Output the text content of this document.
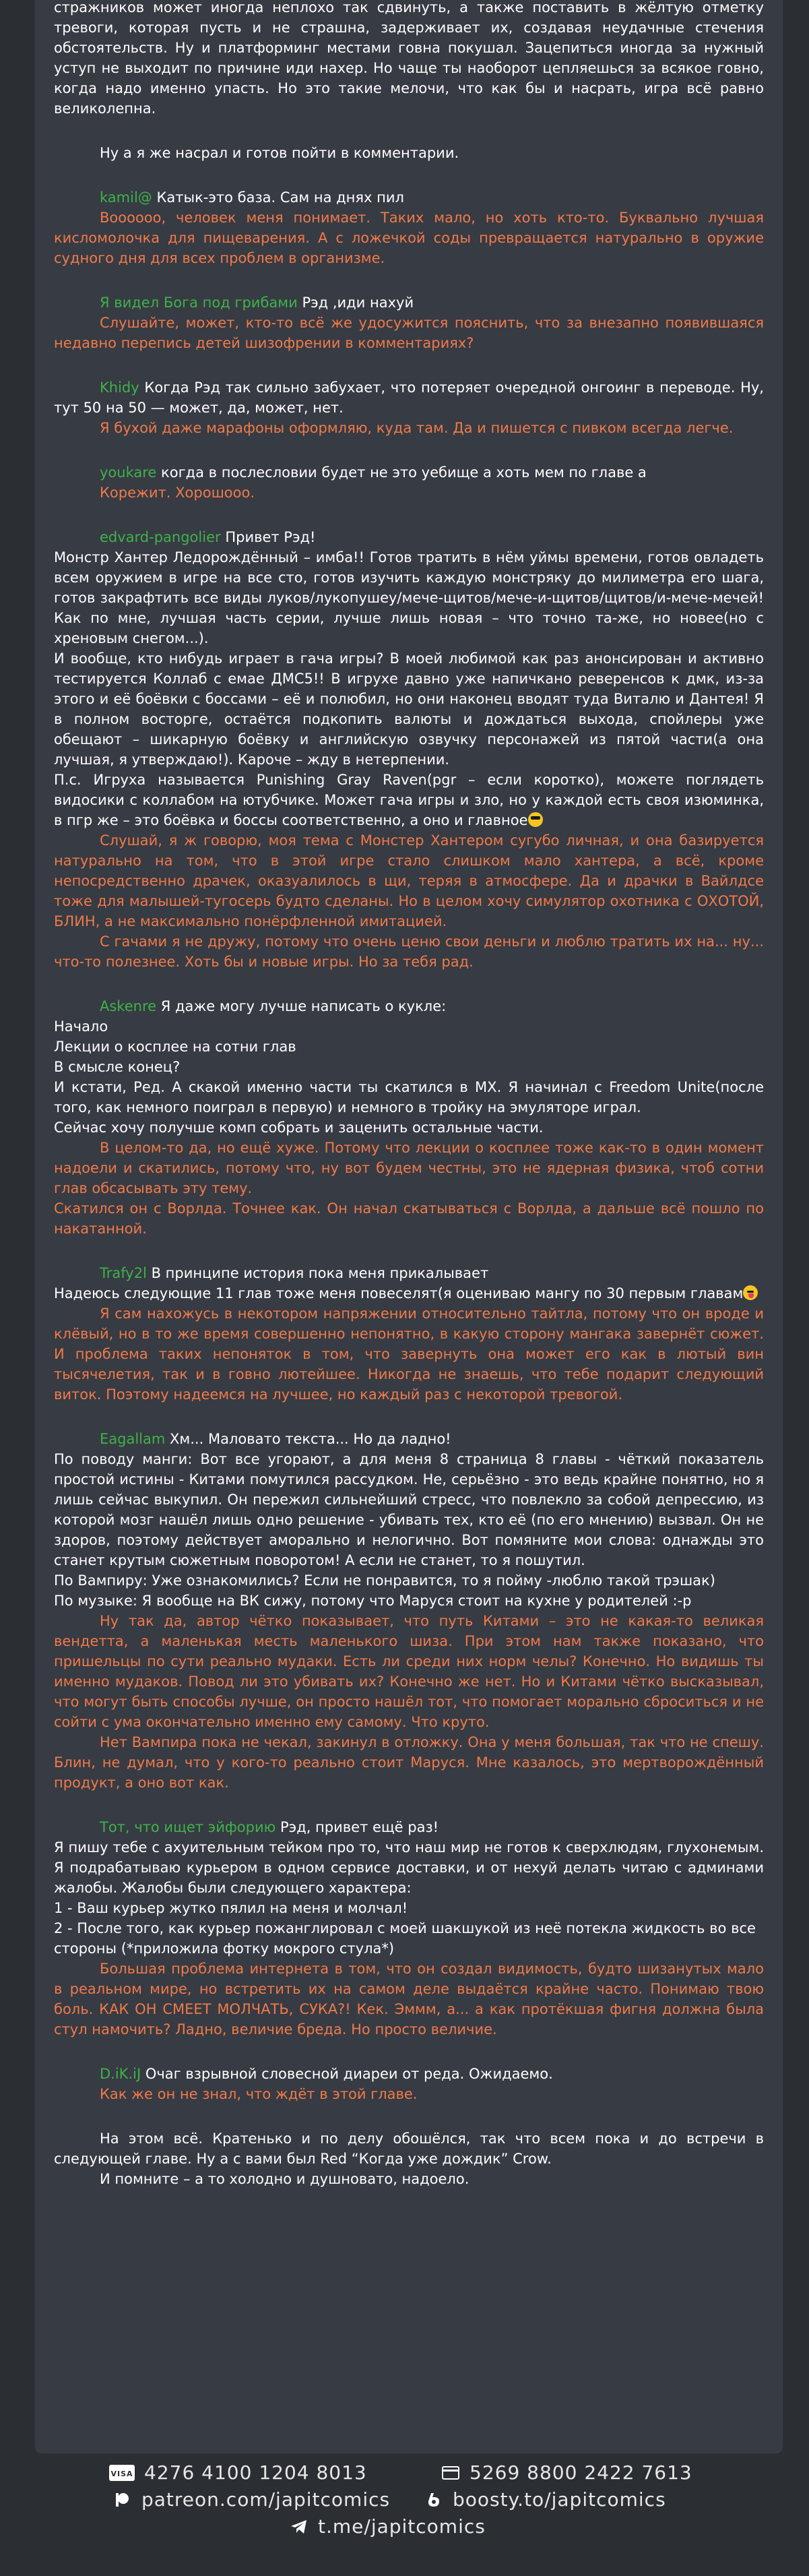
стражников может иногда неплохо так сдвинуть, а также поставить в жёлтую отметку тревоги, которая пусть и не страшна, задерживает их, создавая неудачные стечения обстоятельств. Ну и платформинг местами говна покушал. Зацепиться иногда за нужный уступ не выходит по причине иди нахер. Но чаще ты наоборот цепляешься за всякое говно, когда надо именно упасть. Но это такие мелочи, что как бы и насрать, игра всё равно великолепна.

Ну а я же насрал и готов пойти в комментарии.

kamil@ Катык-это база. Сам на днях пил

Воооооо, человек меня понимает. Таких мало, но хоть кто-то. Буквально лучшая кисломолочка для пищеварения. А с ложечкой соды превращается натурально в оружие судного дня для всех проблем в организме.

Я видел Бога под грибами Рэд ,иди нахуй

Слушайте, может, кто-то всё же удосужится пояснить, что за внезапно появившаяся недавно перепись детей шизофрении в комментариях?

Khidy Когда Рэд так сильно забухает, что потеряет очередной онгоинг в переводе. Ну, тут 50 на 50 — может, да, может, нет.

Я бухой даже марафоны оформляю, куда там. Да и пишется с пивком всегда легче.

youkare когда в послесловии будет не это уебище а хоть мем по главе а

Корежит. Хорошооо.

edvard-pangolier Привет Рэд!

Монстр Хантер Ледорождённый – имба!! Готов тратить в нём уймы времени, готов овладеть всем оружием в игре на все сто, готов изучить каждую монстряку до милиметра его шага, готов закрафтить все виды луков/лукопушеу/мече-щитов/мече-и-щитов/щитов/и-мече-мечей! Как по мне, лучшая часть серии, лучше лишь новая – что точно та-же, но новее(но с хреновым снегом...).

И вообще, кто нибудь играет в гача игры? В моей любимой как раз анонсирован и активно тестируется Коллаб с емае ДМС5!! В игрухе давно уже напичкано реверенсов к дмк, из-за этого и её боёвки с боссами – её и полюбил, но они наконец вводят туда Виталю и Дантея! Я в полном восторге, остаётся подкопить валюты и дождаться выхода, спойлеры уже обещают – шикарную боёвку и английскую озвучку персонажей из пятой части(а она лучшая, я утверждаю!). Кароче – жду в нетерпении.

П.с. Игруха называется Punishing Gray Raven(pgr – если коротко), можете поглядеть видосики с коллабом на ютубчике. Может гача игры и зло, но у каждой есть своя изюминка, в пгр же – это боёвка и боссы соответственно, а оно и главное

Слушай, я ж говорю, моя тема с Монстер Хантером сугубо личная, и она базируется натурально на том, что в этой игре стало слишком мало хантера, а всё, кроме непосредственно драчек, оказуалилось в щи, теряя в атмосфере. Да и драчки в Вайлдсе тоже для малышей-тугосерь будто сделаны. Но в целом хочу симулятор охотника с ОХОТОЙ, БЛИН, а не максимально понёрфленной имитацией.

С гачами я не дружу, потому что очень ценю свои деньги и люблю тратить их на... ну... что-то полезнее. Хоть бы и новые игры. Но за тебя рад.

Askenre Я даже могу лучше написать о кукле:

Начало

Лекции о косплее на сотни глав

В смысле конец?

И кстати, Ред. А скакой именно части ты скатился в МХ. Я начинал с Freedom Unite(после того, как немного поиграл в первую) и немного в тройку на эмуляторе играл.

Сейчас хочу получше комп собрать и заценить остальные части.

В целом-то да, но ещё хуже. Потому что лекции о косплее тоже как-то в один момент надоели и скатились, потому что, ну вот будем честны, это не ядерная физика, чтоб сотни глав обсасывать эту тему.

Скатился он с Ворлда. Точнее как. Он начал скатываться с Ворлда, а дальше всё пошло по накатанной.

Trafy2l В принципе история пока меня прикалывает

Надеюсь следующие 11 глав тоже меня повеселят(я оцениваю мангу по 30 первым главам

Я сам нахожусь в некотором напряжении относительно тайтла, потому что он вроде и клёвый, но в то же время совершенно непонятно, в какую сторону мангака завернёт сюжет. И проблема таких непоняток в том, что завернуть она может его как в лютый вин тысячелетия, так и в говно лютейшее. Никогда не знаешь, что тебе подарит следующий виток. Поэтому надеемся на лучшее, но каждый раз с некоторой тревогой.

Eagallam Хм... Маловато текста... Но да ладно!

По поводу манги: Вот все угорают, а для меня 8 страница 8 главы - чёткий показатель простой истины - Китами помутился рассудком. Не, серьёзно - это ведь крайне понятно, но я лишь сейчас выкупил. Он пережил сильнейший стресс, что повлекло за собой депрессию, из которой мозг нашёл лишь одно решение - убивать тех, кто её (по его мнению) вызвал. Он не здоров, поэтому действует аморально и нелогично. Вот помяните мои слова: однажды это станет крутым сюжетным поворотом! А если не станет, то я пошутил.

По Вампиру: Уже ознакомились? Если не понравится, то я пойму -люблю такой трэшак)

По музыке: Я вообще на ВК сижу, потому что Маруся стоит на кухне у родителей :-р

Ну так да, автор чётко показывает, что путь Китами – это не какая-то великая вендетта, а маленькая месть маленького шиза. При этом нам также показано, что пришельцы по сути реально мудаки. Есть ли среди них норм челы? Конечно. Но видишь ты именно мудаков. Повод ли это убивать их? Конечно же нет. Но и Китами чётко высказывал, что могут быть способы лучше, он просто нашёл тот, что помогает морально сброситься и не сойти с ума окончательно именно ему самому. Что круто.

Нет Вампира пока не чекал, закинул в отложку. Она у меня большая, так что не спешу. Блин, не думал, что у кого-то реально стоит Маруся. Мне казалось, это мертворождённый продукт, а оно вот как.

Тот, что ищет эйфорию Рэд, привет ещё раз!

Я пишу тебе с ахуительным тейком про то, что наш мир не готов к сверхлюдям, глухонемым. Я подрабатываю курьером в одном сервисе доставки, и от нехуй делать читаю с админами жалобы. Жалобы были следующего характера:

1 - Ваш курьер жутко пялил на меня и молчал!

2 - После того, как курьер пожанглировал с моей шакшукой из неё потекла жидкость во все стороны (*приложила фотку мокрого стула*)

Большая проблема интернета в том, что он создал видимость, будто шизанутых мало в реальном мире, но встретить их на самом деле выдаётся крайне часто. Понимаю твою боль. КАК ОН СМЕЕТ МОЛЧАТЬ, СУКА?! Кек. Эммм, а... а как протёкшая фигня должна была стул намочить? Ладно, величие бреда. Но просто величие.

D.iK.iJ Очаг взрывной словесной диареи от реда. Ожидаемо.

Как же он не знал, что ждёт в этой главе.

На этом всё. Кратенько и по делу обошёлся, так что всем пока и до встречи в следующей главе. Ну а с вами был Red “Когда уже дождик” Crow.

И помните – а то холодно и душновато, надоело.

VISA 4276 4100 1204 8013	5269 8800 2422 7613
patreon.com/japitcomics	boosty.to/japitcomics
t.me/japitcomics
